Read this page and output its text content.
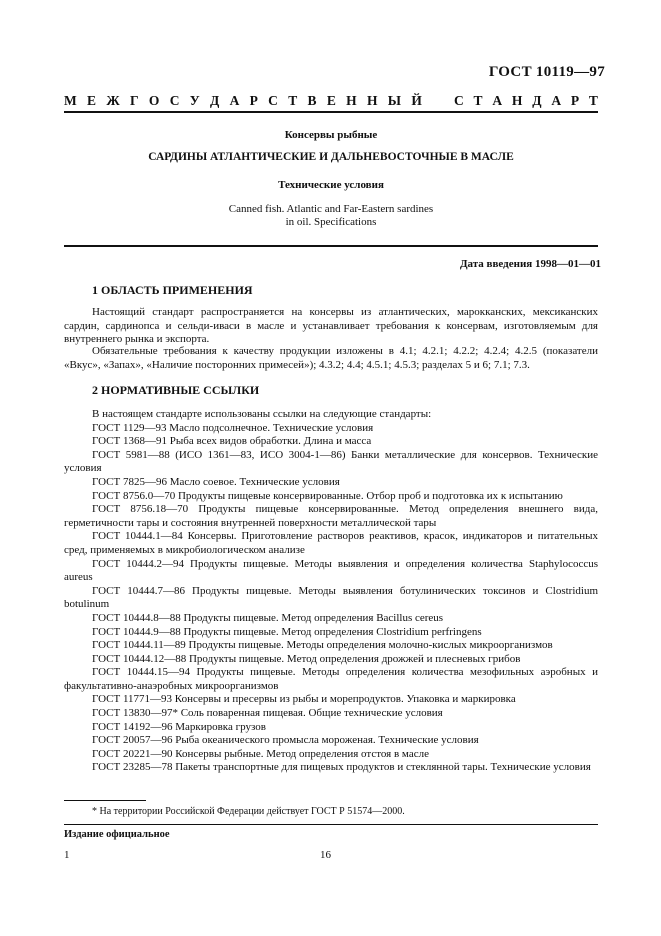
ГОСТ 10119—97
М Е Ж Г О С У Д А Р С Т В Е Н Н Ы Й С Т А Н Д А Р Т
Консервы рыбные
САРДИНЫ АТЛАНТИЧЕСКИЕ И ДАЛЬНЕВОСТОЧНЫЕ В МАСЛЕ
Технические условия
Canned fish. Atlantic and Far-Eastern sardines
in oil. Specifications
Дата введения 1998—01—01
1 ОБЛАСТЬ ПРИМЕНЕНИЯ

Настоящий стандарт распространяется на консервы из атлантических, марокканских, мексиканских сардин, сардинопса и сельди-иваси в масле и устанавливает требования к консервам, изготовляемым для внутреннего рынка и экспорта.

Обязательные требования к качеству продукции изложены в 4.1; 4.2.1; 4.2.2; 4.2.4; 4.2.5 (показатели «Вкус», «Запах», «Наличие посторонних примесей»); 4.3.2; 4.4; 4.5.1; 4.5.3; разделах 5 и 6; 7.1; 7.3.

2 НОРМАТИВНЫЕ ССЫЛКИ

В настоящем стандарте использованы ссылки на следующие стандарты:

ГОСТ 1129—93 Масло подсолнечное. Технические условия

ГОСТ 1368—91 Рыба всех видов обработки. Длина и масса

ГОСТ 5981—88 (ИСО 1361—83, ИСО 3004-1—86) Банки металлические для консервов. Технические условия

ГОСТ 7825—96 Масло соевое. Технические условия

ГОСТ 8756.0—70 Продукты пищевые консервированные. Отбор проб и подготовка их к испытанию

ГОСТ 8756.18—70 Продукты пищевые консервированные. Метод определения внешнего вида, герметичности тары и состояния внутренней поверхности металлической тары

ГОСТ 10444.1—84 Консервы. Приготовление растворов реактивов, красок, индикаторов и питательных сред, применяемых в микробиологическом анализе

ГОСТ 10444.2—94 Продукты пищевые. Методы выявления и определения количества Staphylococcus aureus

ГОСТ 10444.7—86 Продукты пищевые. Методы выявления ботулинических токсинов и Clostridium botulinum

ГОСТ 10444.8—88 Продукты пищевые. Метод определения Bacillus cereus

ГОСТ 10444.9—88 Продукты пищевые. Метод определения Clostridium perfringens

ГОСТ 10444.11—89 Продукты пищевые. Методы определения молочно-кислых микроорганизмов

ГОСТ 10444.12—88 Продукты пищевые. Метод определения дрожжей и плесневых грибов

ГОСТ 10444.15—94 Продукты пищевые. Методы определения количества мезофильных аэробных и факультативно-анаэробных микроорганизмов

ГОСТ 11771—93 Консервы и пресервы из рыбы и морепродуктов. Упаковка и маркировка

ГОСТ 13830—97* Соль поваренная пищевая. Общие технические условия

ГОСТ 14192—96 Маркировка грузов

ГОСТ 20057—96 Рыба океанического промысла мороженая. Технические условия

ГОСТ 20221—90 Консервы рыбные. Метод определения отстоя в масле

ГОСТ 23285—78 Пакеты транспортные для пищевых продуктов и стеклянной тары. Технические условия

* На территории Российской Федерации действует ГОСТ Р 51574—2000.
Издание официальное
1	16
